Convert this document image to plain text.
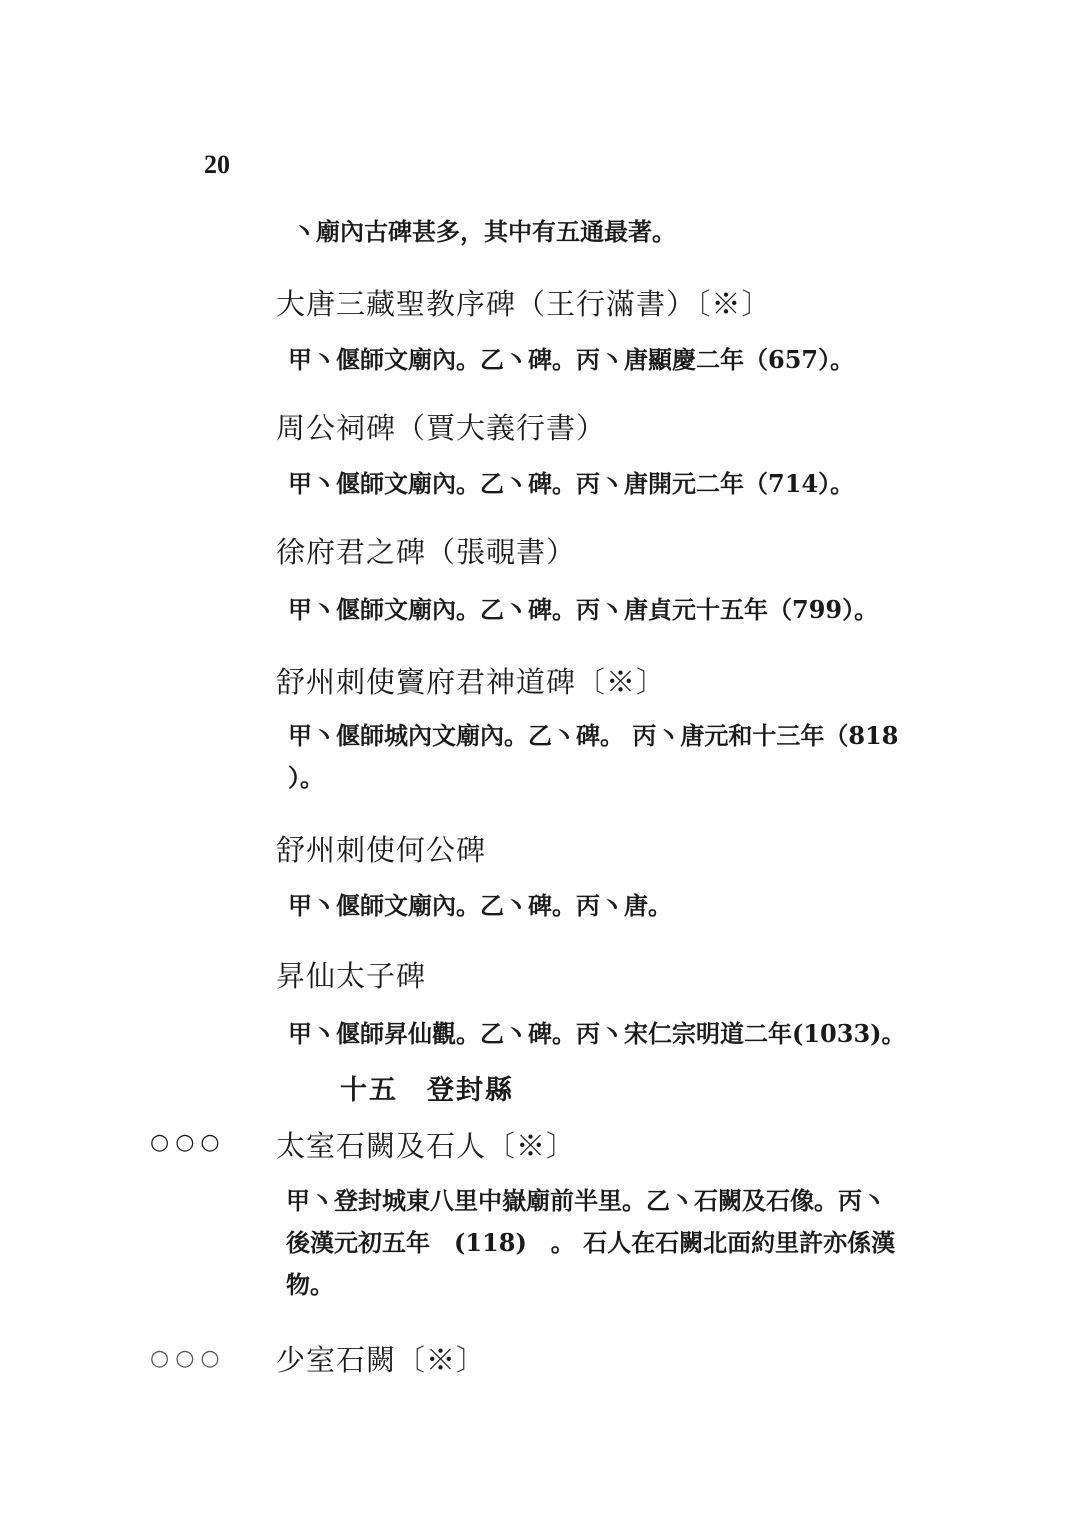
20
丶廟內古碑甚多，其中有五通最著。
大唐三藏聖教序碑（王行滿書）〔※〕
甲丶偃師文廟內。乙丶碑。丙丶唐顯慶二年（657）。
周公祠碑（賈大義行書）
甲丶偃師文廟內。乙丶碑。丙丶唐開元二年（714）。
徐府君之碑（張覗書）
甲丶偃師文廟內。乙丶碑。丙丶唐貞元十五年（799）。
舒州刺使竇府君神道碑〔※〕
甲丶偃師城內文廟內。乙丶碑。 丙丶唐元和十三年（818
）。
舒州刺使何公碑
甲丶偃師文廟內。乙丶碑。丙丶唐。
昇仙太子碑
甲丶偃師昇仙觀。乙丶碑。丙丶宋仁宗明道二年(1033)。
十五　登封縣
○○○ 太室石闕及石人〔※〕
甲丶登封城東八里中嶽廟前半里。乙丶石闕及石像。丙丶
後漢元初五年　(118)　。 石人在石闕北面約里許亦係漢
物。
○○○ 少室石闕〔※〕
